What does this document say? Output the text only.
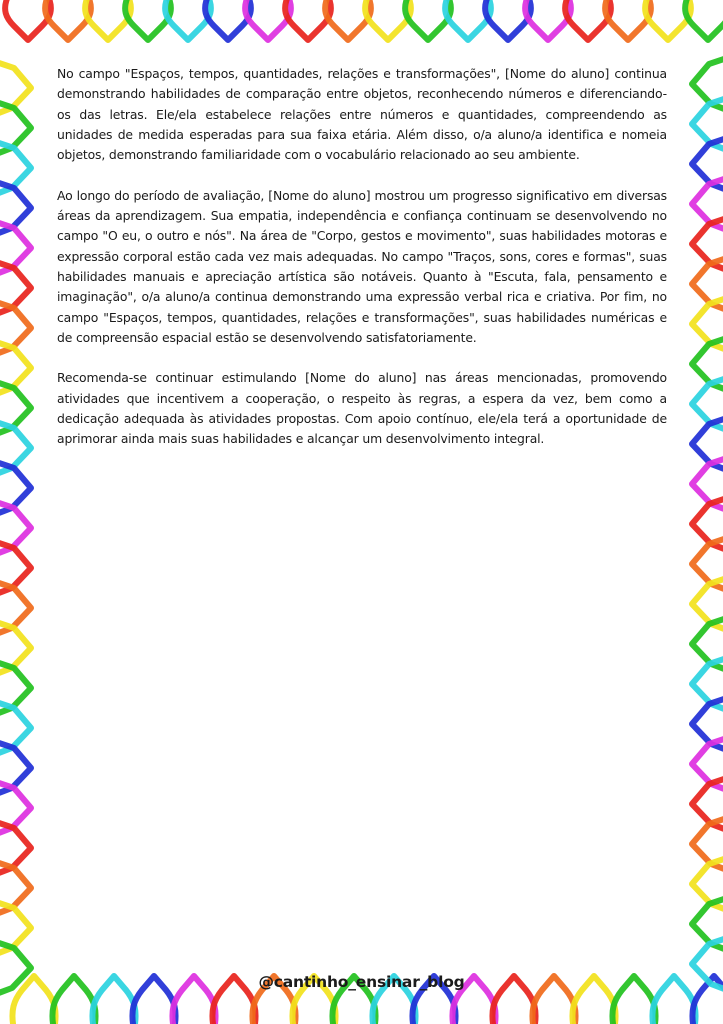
No campo "Espaços, tempos, quantidades, relações e transformações", [Nome do aluno] continua demonstrando habilidades de comparação entre objetos, reconhecendo números e diferenciando-os das letras. Ele/ela estabelece relações entre números e quantidades, compreendendo as unidades de medida esperadas para sua faixa etária. Além disso, o/a aluno/a identifica e nomeia objetos, demonstrando familiaridade com o vocabulário relacionado ao seu ambiente.

Ao longo do período de avaliação, [Nome do aluno] mostrou um progresso significativo em diversas áreas da aprendizagem. Sua empatia, independência e confiança continuam se desenvolvendo no campo "O eu, o outro e nós". Na área de "Corpo, gestos e movimento", suas habilidades motoras e expressão corporal estão cada vez mais adequadas. No campo "Traços, sons, cores e formas", suas habilidades manuais e apreciação artística são notáveis. Quanto à "Escuta, fala, pensamento e imaginação", o/a aluno/a continua demonstrando uma expressão verbal rica e criativa. Por fim, no campo "Espaços, tempos, quantidades, relações e transformações", suas habilidades numéricas e de compreensão espacial estão se desenvolvendo satisfatoriamente.

Recomenda-se continuar estimulando [Nome do aluno] nas áreas mencionadas, promovendo atividades que incentivem a cooperação, o respeito às regras, a espera da vez, bem como a dedicação adequada às atividades propostas. Com apoio contínuo, ele/ela terá a oportunidade de aprimorar ainda mais suas habilidades e alcançar um desenvolvimento integral.

@cantinho_ensinar_blog
